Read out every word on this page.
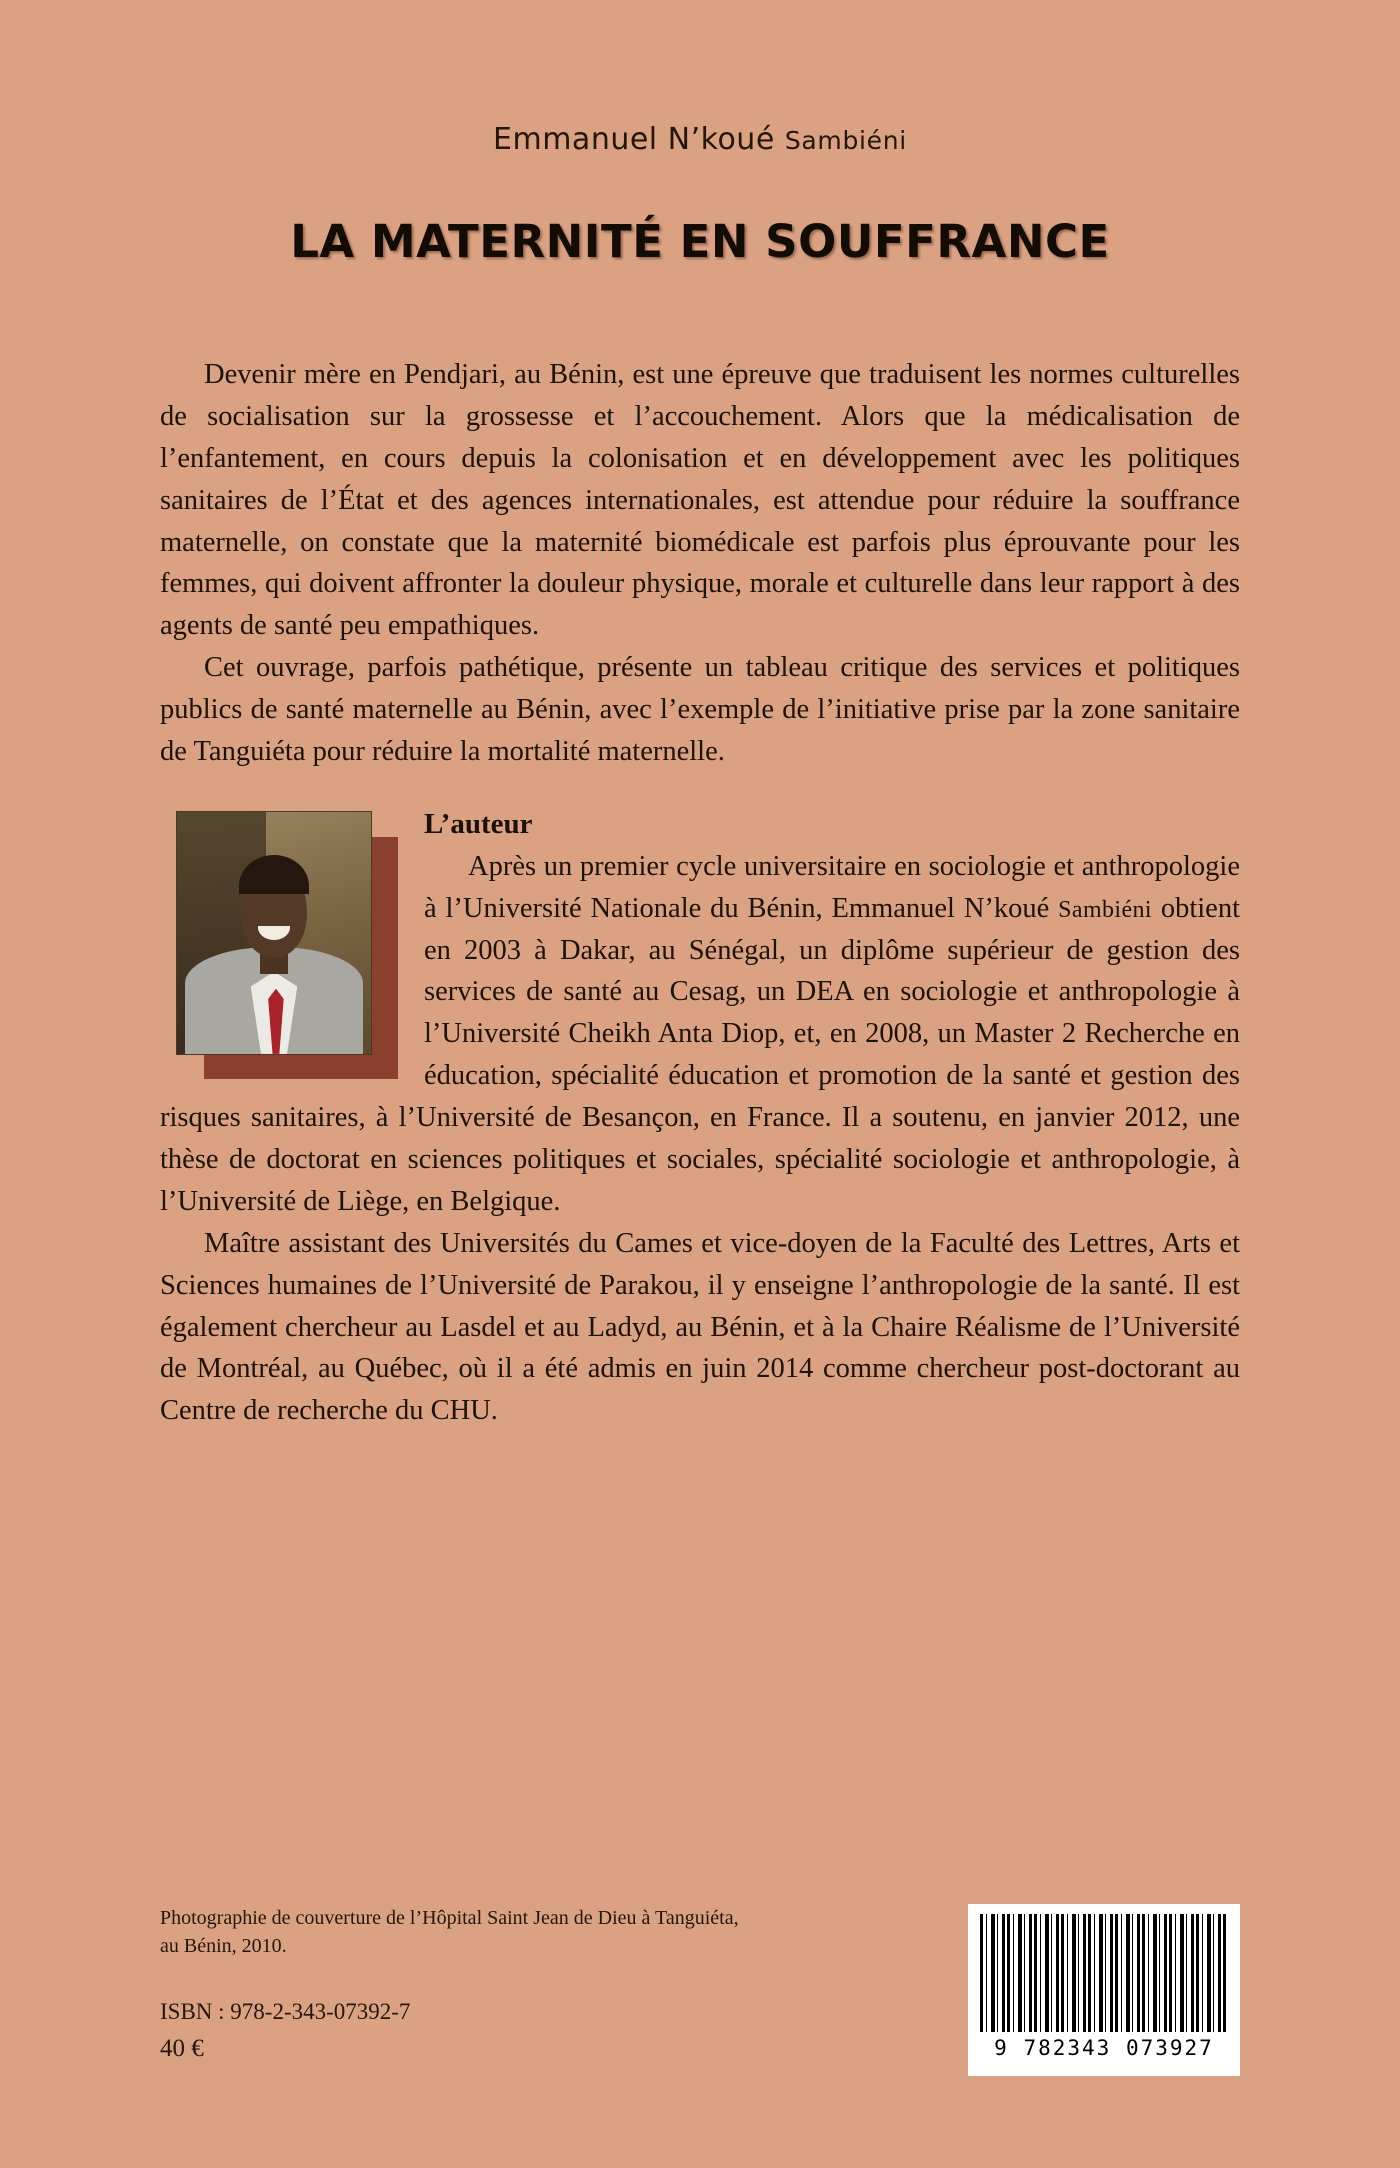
Emmanuel N’koué Sambiéni
LA MATERNITÉ EN SOUFFRANCE

Devenir mère en Pendjari, au Bénin, est une épreuve que traduisent les normes culturelles de socialisation sur la grossesse et l’accouchement. Alors que la médicalisation de l’enfantement, en cours depuis la colonisation et en développement avec les politiques sanitaires de l’État et des agences internationales, est attendue pour réduire la souffrance maternelle, on constate que la maternité biomédicale est parfois plus éprouvante pour les femmes, qui doivent affronter la douleur physique, morale et culturelle dans leur rapport à des agents de santé peu empathiques.

Cet ouvrage, parfois pathétique, présente un tableau critique des services et politiques publics de santé maternelle au Bénin, avec l’exemple de l’initiative prise par la zone sanitaire de Tanguiéta pour réduire la mortalité maternelle.

L’auteur

Après un premier cycle universitaire en sociologie et anthropologie à l’Université Nationale du Bénin, Emmanuel N’koué Sambiéni obtient en 2003 à Dakar, au Sénégal, un diplôme supérieur de gestion des services de santé au Cesag, un DEA en sociologie et anthropologie à l’Université Cheikh Anta Diop, et, en 2008, un Master 2 Recherche en éducation, spécialité éducation et promotion de la santé et gestion des risques sanitaires, à l’Université de Besançon, en France. Il a soutenu, en janvier 2012, une thèse de doctorat en sciences politiques et sociales, spécialité sociologie et anthropologie, à l’Université de Liège, en Belgique.

Maître assistant des Universités du Cames et vice-doyen de la Faculté des Lettres, Arts et Sciences humaines de l’Université de Parakou, il y enseigne l’anthropologie de la santé. Il est également chercheur au Lasdel et au Ladyd, au Bénin, et à la Chaire Réalisme de l’Université de Montréal, au Québec, où il a été admis en juin 2014 comme chercheur post-doctorant au Centre de recherche du CHU.

Photographie de couverture de l’Hôpital Saint Jean de Dieu à Tanguiéta,
au Bénin, 2010.
ISBN : 978-2-343-07392-7
40 €	9 782343 073927
